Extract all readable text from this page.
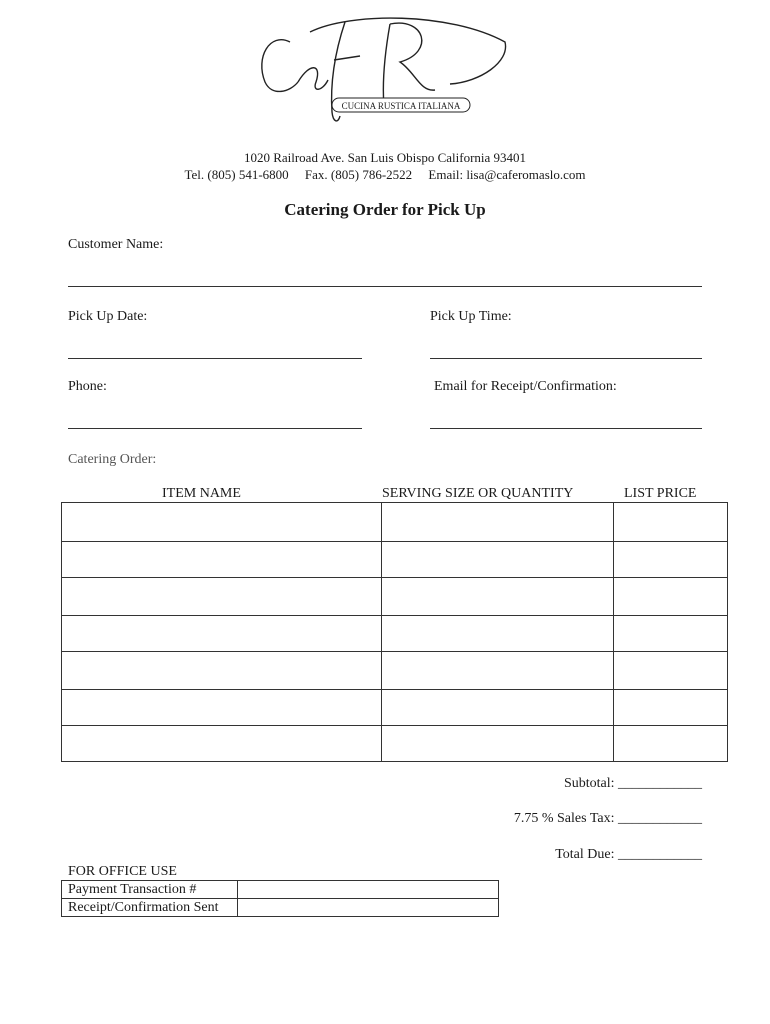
CUCINA RUSTICA ITALIANA
1020 Railroad Ave. San Luis Obispo California 93401
Tel. (805) 541-6800 Fax. (805) 786-2522 Email: lisa@caferomaslo.com
Catering Order for Pick Up
Customer Name:
Pick Up Date:	Pick Up Time:
Phone:	Email for Receipt/Confirmation:
Catering Order:
ITEM NAME	SERVING SIZE OR QUANTITY	LIST PRICE

Subtotal: ____________
7.75 % Sales Tax: ____________
Total Due: ____________
FOR OFFICE USE
Payment Transaction #	
Receipt/Confirmation Sent	
